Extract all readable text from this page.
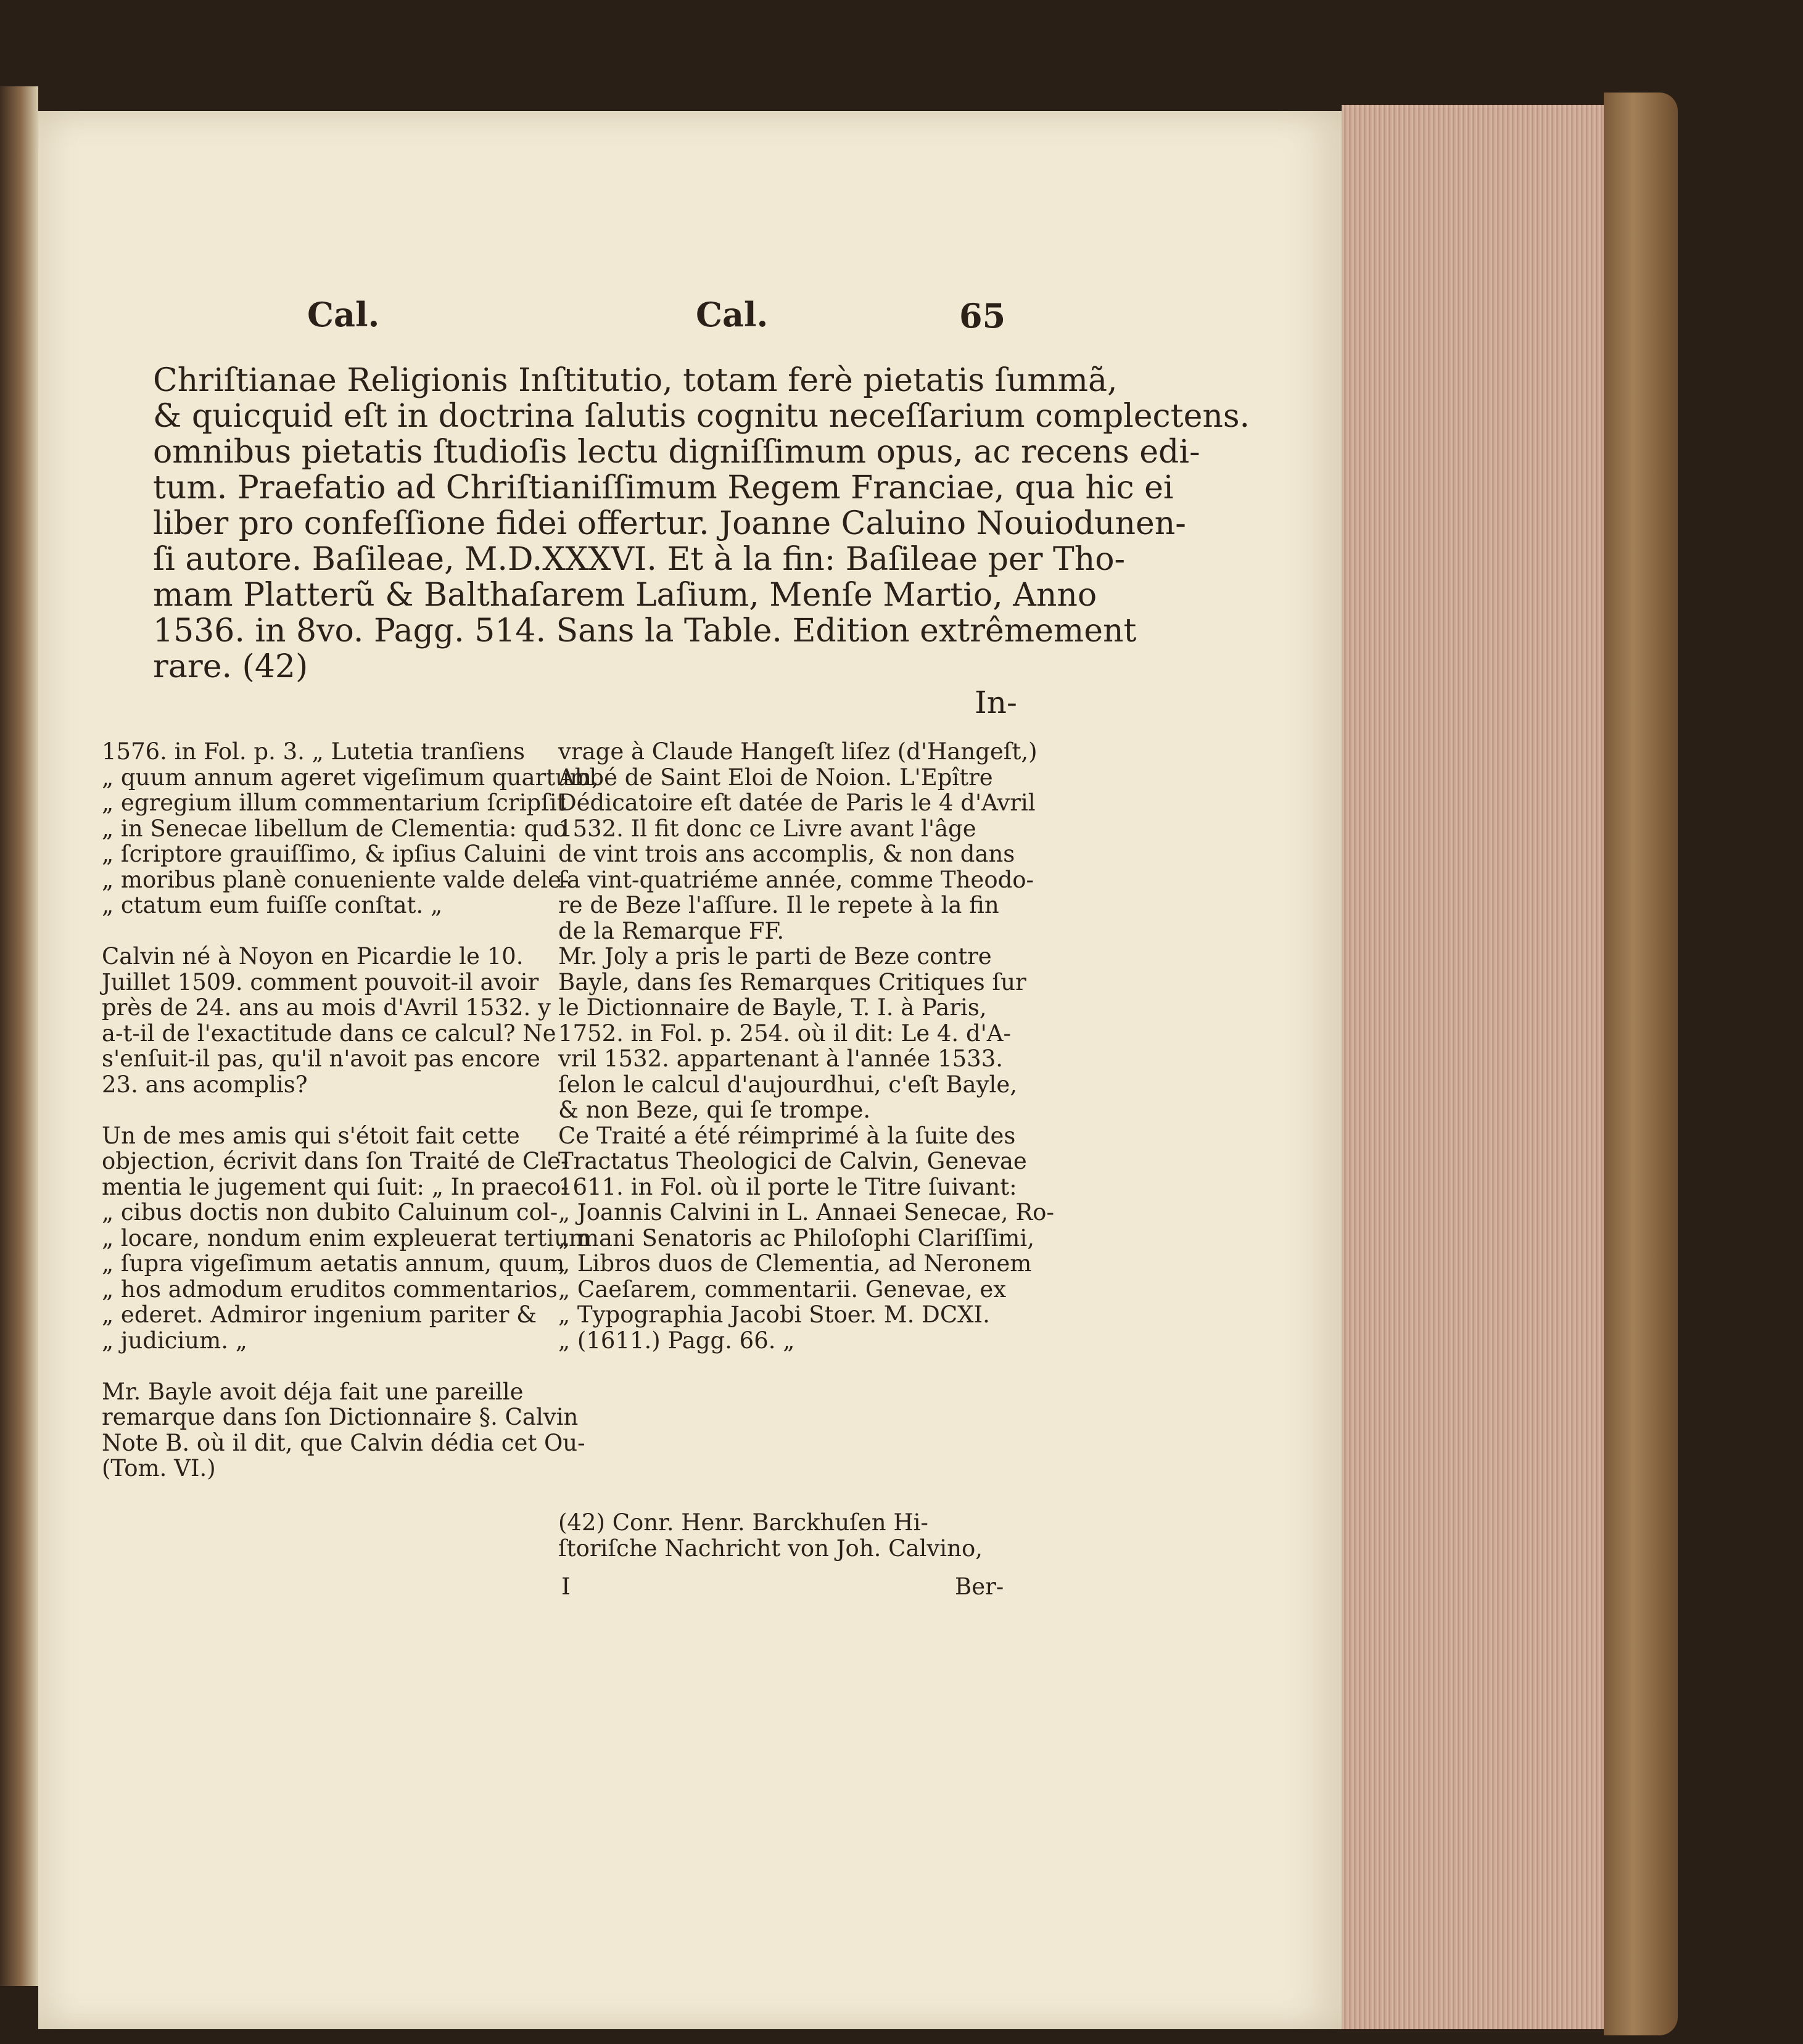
Cal.	Cal.	65
Chriſtianae Religionis Inſtitutio, totam ferè pietatis ſummã,
& quicquid eſt in doctrina ſalutis cognitu neceſſarium complectens.
omnibus pietatis ſtudioſis lectu digniſſimum opus, ac recens edi-
tum. Praefatio ad Chriſtianiſſimum Regem Franciae, qua hic ei
liber pro confeſſione fidei offertur. Joanne Caluino Nouiodunen-
ſi autore. Baſileae, M.D.XXXVI. Et à la fin: Baſileae per Tho-
mam Platterũ & Balthaſarem Laſium, Menſe Martio, Anno
1536. in 8vo. Pagg. 514. Sans la Table. Edition extrêmement
rare. (42)
In-
1576. in Fol. p. 3. „ Lutetia tranſiens
„ quum annum ageret vigeſimum quartum,
„ egregium illum commentarium ſcripſit
„ in Senecae libellum de Clementia: quo
„ ſcriptore grauiſſimo, & ipſius Caluini
„ moribus planè conueniente valde dele-
„ ctatum eum fuiſſe conſtat. „

Calvin né à Noyon en Picardie le 10.
Juillet 1509. comment pouvoit-il avoir
près de 24. ans au mois d'Avril 1532. y
a-t-il de l'exactitude dans ce calcul? Ne
s'enſuit-il pas, qu'il n'avoit pas encore
23. ans acomplis?

Un de mes amis qui s'étoit fait cette
objection, écrivit dans ſon Traité de Cle-
mentia le jugement qui ſuit: „ In praeco-
„ cibus doctis non dubito Caluinum col-
„ locare, nondum enim expleuerat tertium
„ ſupra vigeſimum aetatis annum, quum
„ hos admodum eruditos commentarios
„ ederet. Admiror ingenium pariter &
„ judicium. „

Mr. Bayle avoit déja fait une pareille
remarque dans ſon Dictionnaire §. Calvin
Note B. où il dit, que Calvin dédia cet Ou-
(Tom. VI.)
vrage à Claude Hangeſt liſez (d'Hangeſt,)
Abbé de Saint Eloi de Noion. L'Epître
Dédicatoire eſt datée de Paris le 4 d'Avril
1532. Il fit donc ce Livre avant l'âge
de vint trois ans accomplis, & non dans
ſa vint-quatriéme année, comme Theodo-
re de Beze l'aſſure. Il le repete à la fin
de la Remarque FF.
Mr. Joly a pris le parti de Beze contre
Bayle, dans ſes Remarques Critiques ſur
le Dictionnaire de Bayle, T. I. à Paris,
1752. in Fol. p. 254. où il dit: Le 4. d'A-
vril 1532. appartenant à l'année 1533.
ſelon le calcul d'aujourdhui, c'eſt Bayle,
& non Beze, qui ſe trompe.
Ce Traité a été réimprimé à la ſuite des
Tractatus Theologici de Calvin, Genevae
1611. in Fol. où il porte le Titre ſuivant:
„ Joannis Calvini in L. Annaei Senecae, Ro-
„ mani Senatoris ac Philoſophi Clariſſimi,
„ Libros duos de Clementia, ad Neronem
„ Caeſarem, commentarii. Genevae, ex
„ Typographia Jacobi Stoer. M. DCXI.
„ (1611.) Pagg. 66. „
(42) Conr. Henr. Barckhuſen Hi-
ſtoriſche Nachricht von Joh. Calvino,
I	Ber-
